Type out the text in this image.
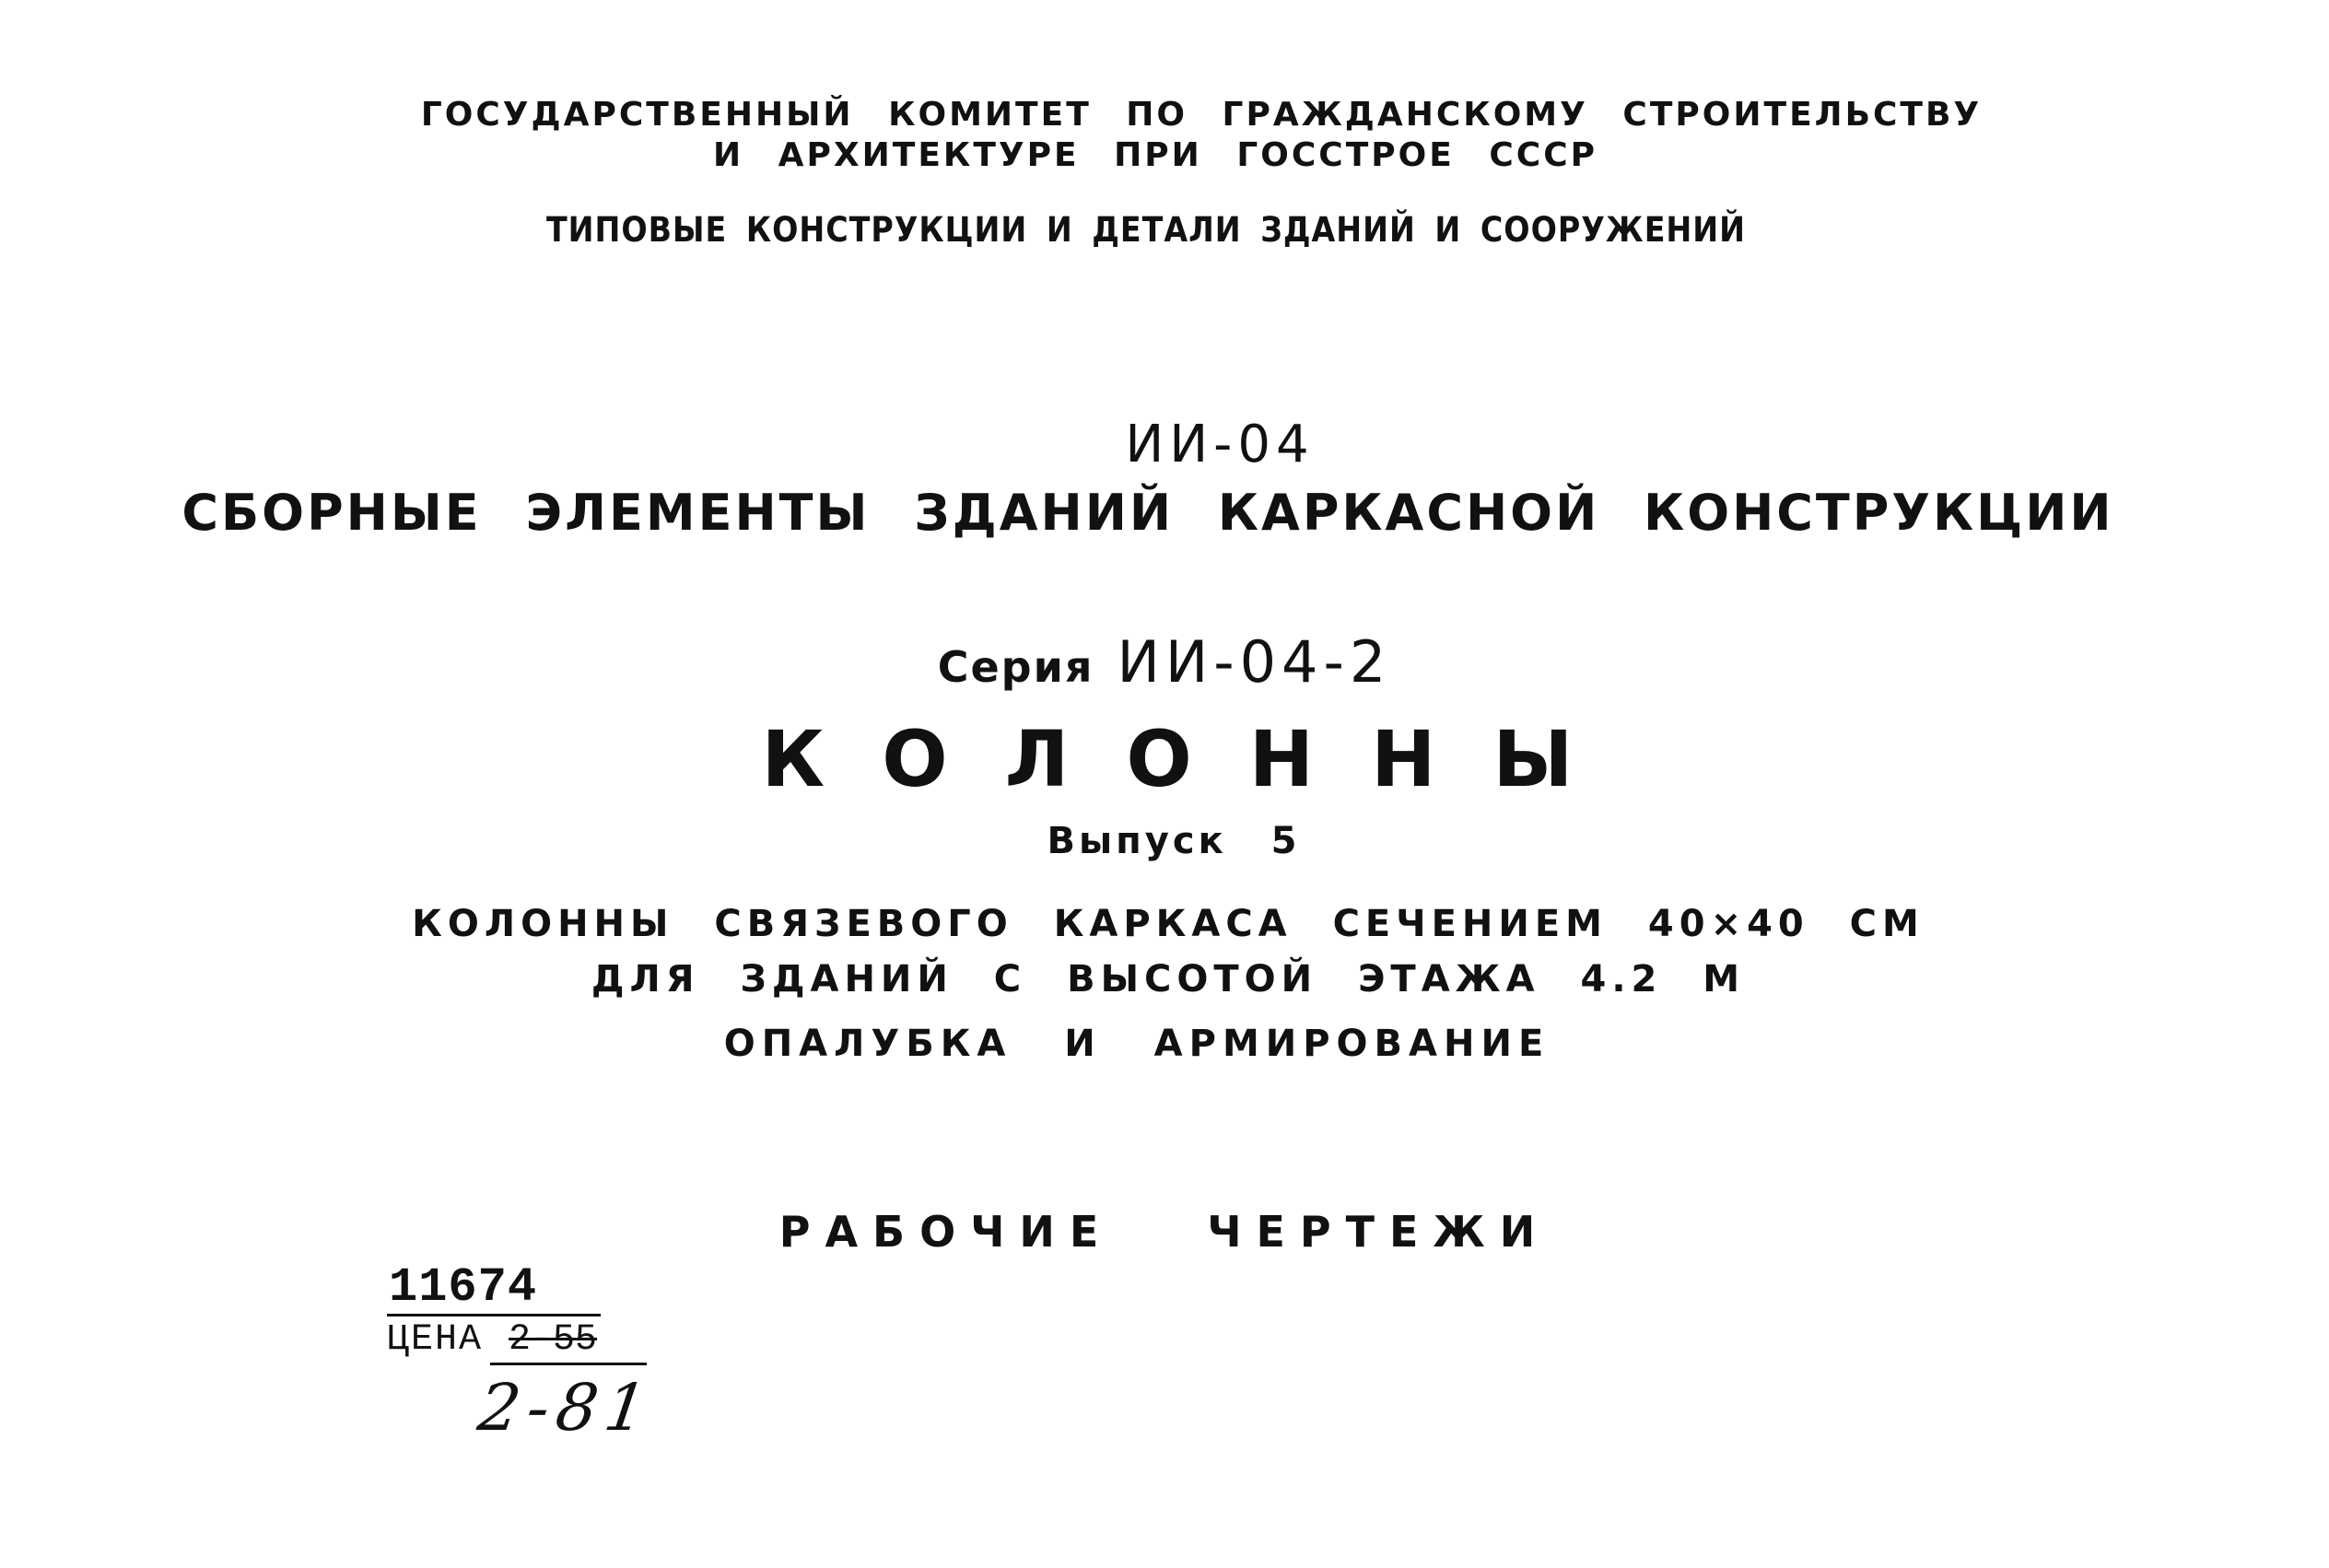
ГОСУДАРСТВЕННЫЙ КОМИТЕТ ПО ГРАЖДАНСКОМУ СТРОИТЕЛЬСТВУ

И АРХИТЕКТУРЕ ПРИ ГОССТРОЕ СССР

ТИПОВЫЕ КОНСТРУКЦИИ И ДЕТАЛИ ЗДАНИЙ И СООРУЖЕНИЙ

ИИ-04

СБОРНЫЕ ЭЛЕМЕНТЫ ЗДАНИЙ КАРКАСНОЙ КОНСТРУКЦИИ

Серия ИИ-04-2

КОЛОННЫ

Выпуск 5

КОЛОННЫ СВЯЗЕВОГО КАРКАСА СЕЧЕНИЕМ 40×40 СМ

ДЛЯ ЗДАНИЙ С ВЫСОТОЙ ЭТАЖА 4.2 М

ОПАЛУБКА И АРМИРОВАНИЕ

РАБОЧИЕ ЧЕРТЕЖИ

11674
ЦЕНА 2-55
2-81
